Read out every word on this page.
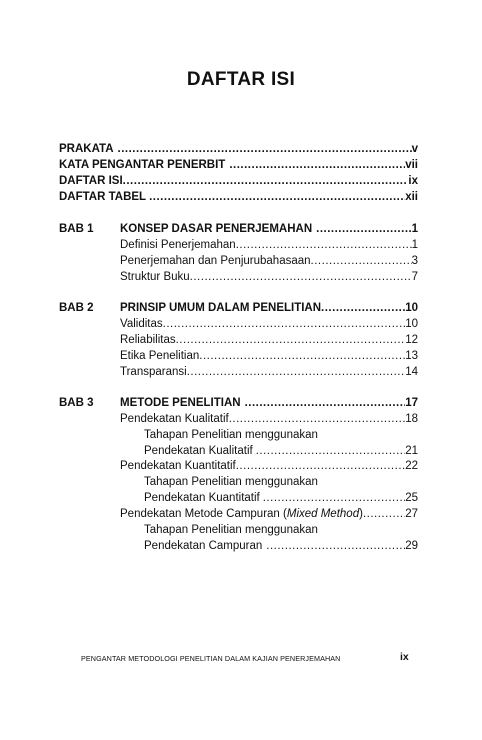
DAFTAR ISI
PRAKATA .....	v
KATA PENGANTAR PENERBIT .....	vii
DAFTAR ISI .....	ix
DAFTAR TABEL .....	xii
BAB 1 KONSEP DASAR PENERJEMAHAN .....	1
Definisi Penerjemahan .....	1
Penerjemahan dan Penjurubahasaan .....	3
Struktur Buku .....	7
BAB 2 PRINSIP UMUM DALAM PENELITIAN .....	10
Validitas .....	10
Reliabilitas .....	12
Etika Penelitian .....	13
Transparansi .....	14
BAB 3 METODE PENELITIAN .....	17
Pendekatan Kualitatif .....	18
Tahapan Penelitian menggunakan
Pendekatan Kualitatif .....	21
Pendekatan Kuantitatif .....	22
Tahapan Penelitian menggunakan
Pendekatan Kuantitatif .....	25
Pendekatan Metode Campuran (Mixed Method) .....	27
Tahapan Penelitian menggunakan
Pendekatan Campuran .....	29
PENGANTAR METODOLOGI PENELITIAN DALAM KAJIAN PENERJEMAHAN	ix
